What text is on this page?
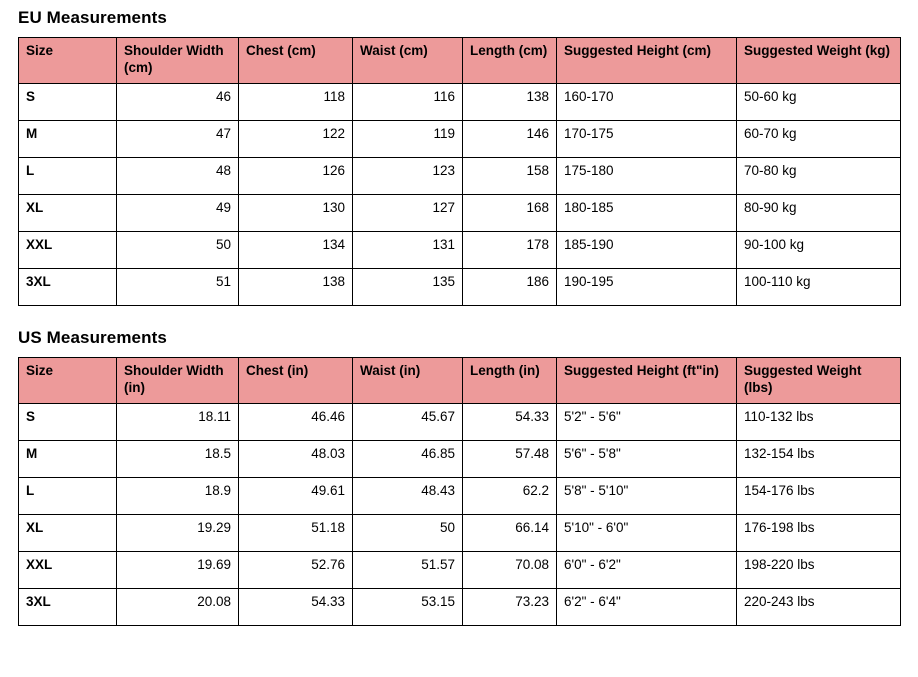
EU Measurements
Size	Shoulder Width (cm)	Chest (cm)	Waist (cm)	Length (cm)	Suggested Height (cm)	Suggested Weight (kg)
S	46	118	116	138	160-170	50-60 kg
M	47	122	119	146	170-175	60-70 kg
L	48	126	123	158	175-180	70-80 kg
XL	49	130	127	168	180-185	80-90 kg
XXL	50	134	131	178	185-190	90-100 kg
3XL	51	138	135	186	190-195	100-110 kg
US Measurements
Size	Shoulder Width (in)	Chest (in)	Waist (in)	Length (in)	Suggested Height (ft"in)	Suggested Weight (lbs)
S	18.11	46.46	45.67	54.33	5'2" - 5'6"	110-132 lbs
M	18.5	48.03	46.85	57.48	5'6" - 5'8"	132-154 lbs
L	18.9	49.61	48.43	62.2	5'8" - 5'10"	154-176 lbs
XL	19.29	51.18	50	66.14	5'10" - 6'0"	176-198 lbs
XXL	19.69	52.76	51.57	70.08	6'0" - 6'2"	198-220 lbs
3XL	20.08	54.33	53.15	73.23	6'2" - 6'4"	220-243 lbs
